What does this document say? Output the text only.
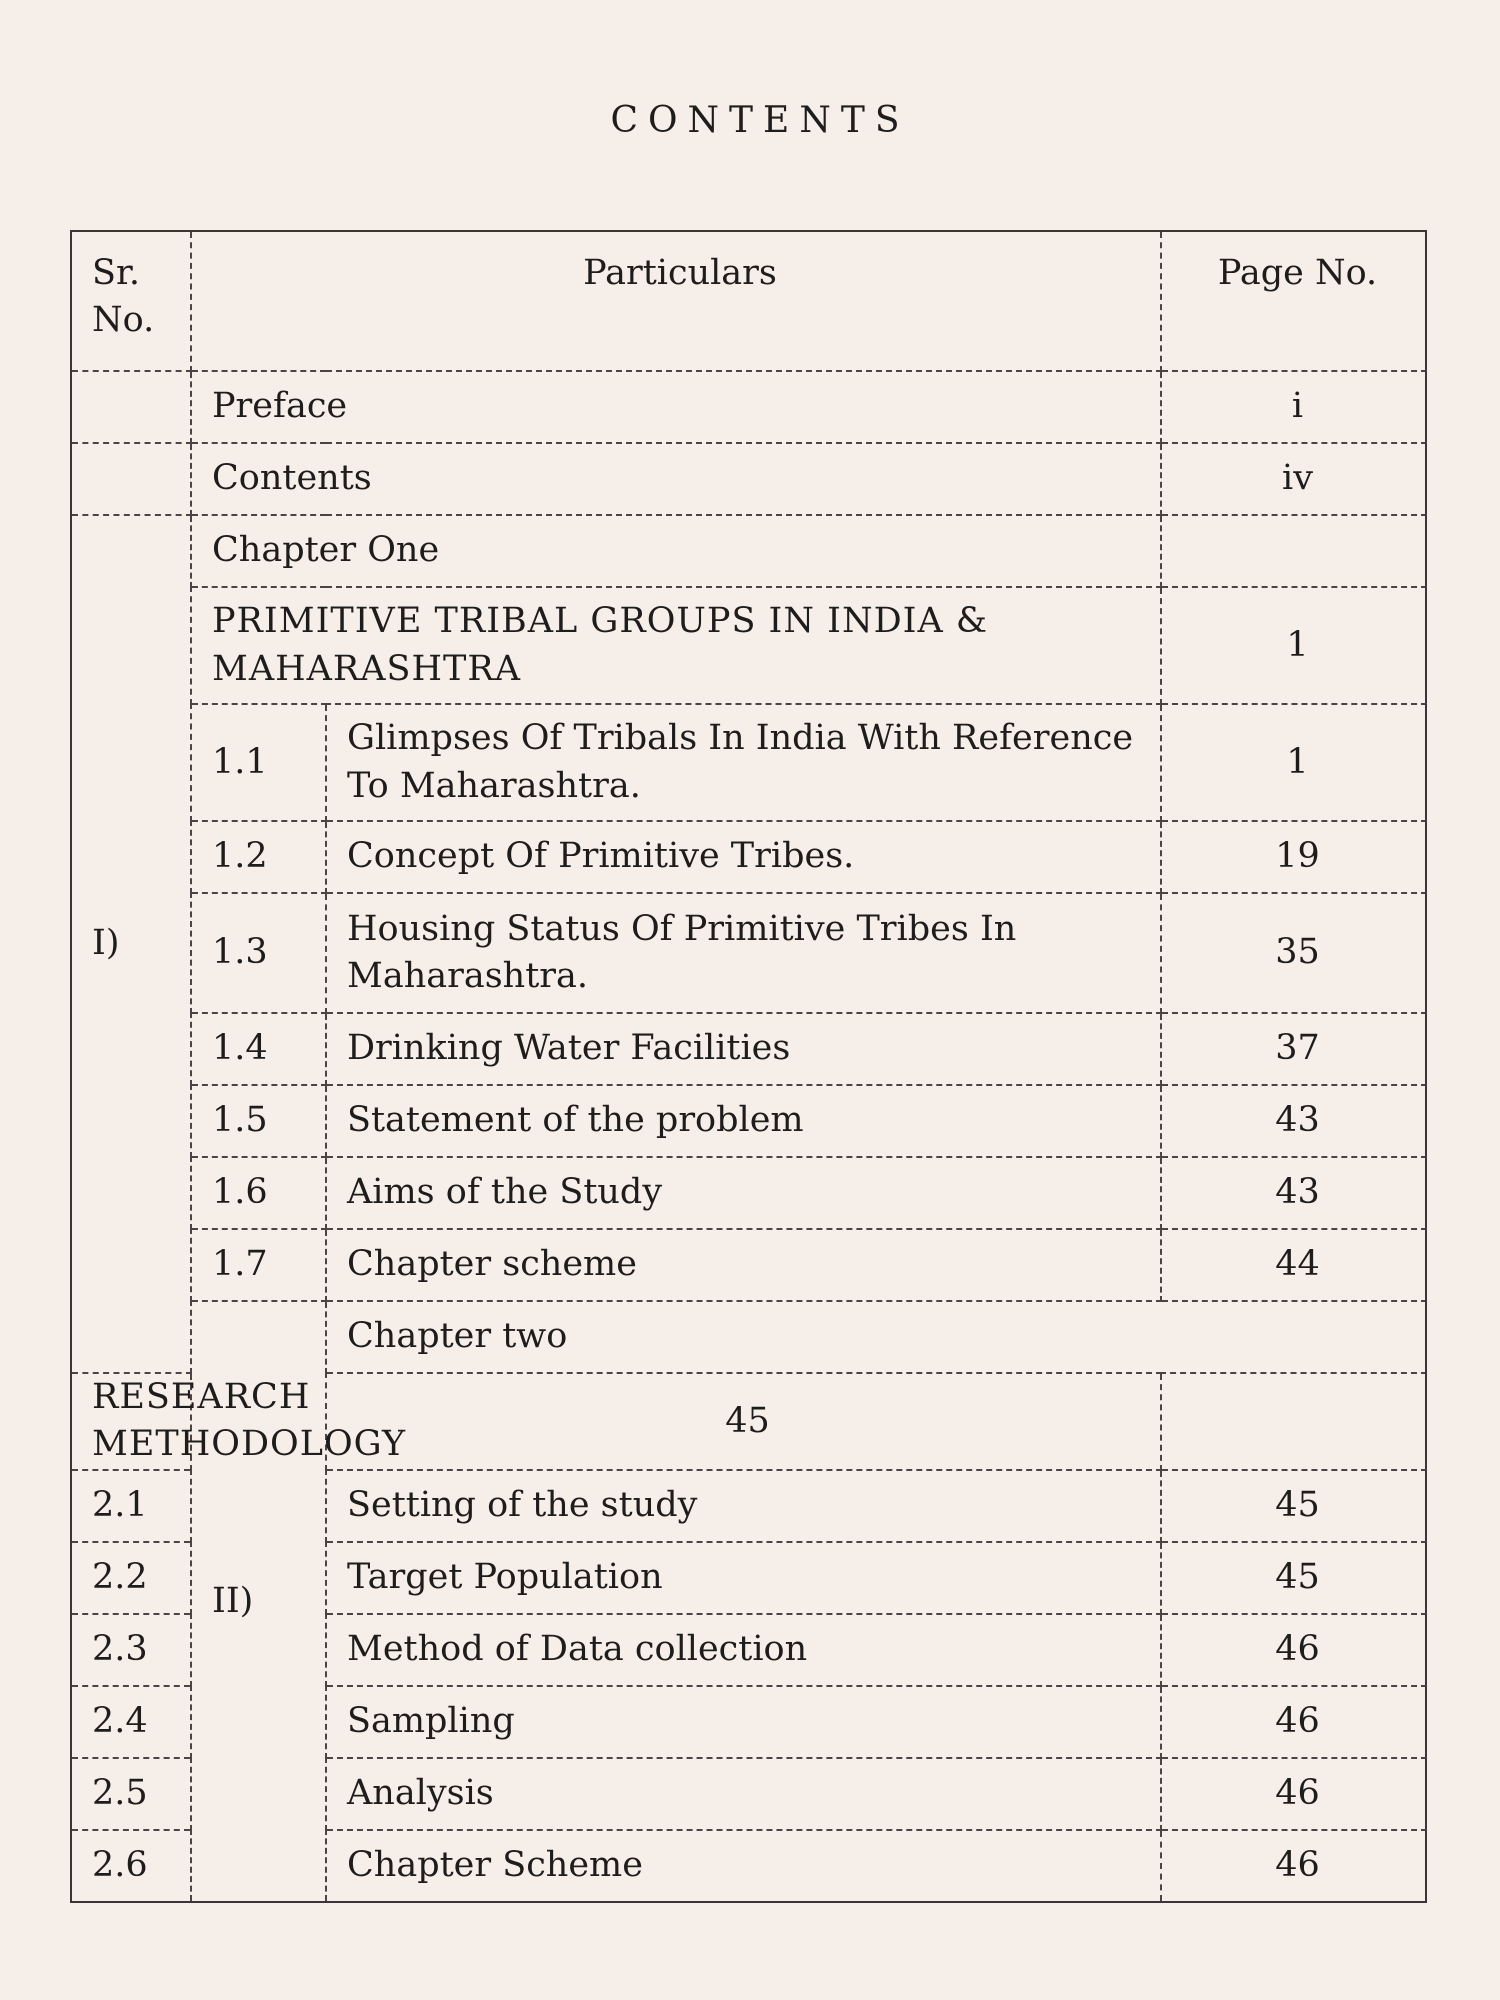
CONTENTS
Sr.
No.	Particulars		Page No.	
	Preface		i	
	Contents		iv	
I)	Chapter One			
	PRIMITIVE TRIBAL GROUPS IN INDIA & MAHARASHTRA		1	
	1.1	Glimpses Of Tribals In India With Reference To Maharashtra.	1	
	1.2	Concept Of Primitive Tribes.	19	
	1.3	Housing Status Of Primitive Tribes In Maharashtra.	35	
	1.4	Drinking Water Facilities	37	
	1.5	Statement of the problem	43	
	1.6	Aims of the Study	43	
	1.7	Chapter scheme	44	
	II)	Chapter two		
RESEARCH METHODOLOGY		45		
2.1		Setting of the study	45	
2.2		Target Population	45	
2.3		Method of Data collection	46	
2.4		Sampling	46	
2.5		Analysis	46	
2.6		Chapter Scheme	46	
